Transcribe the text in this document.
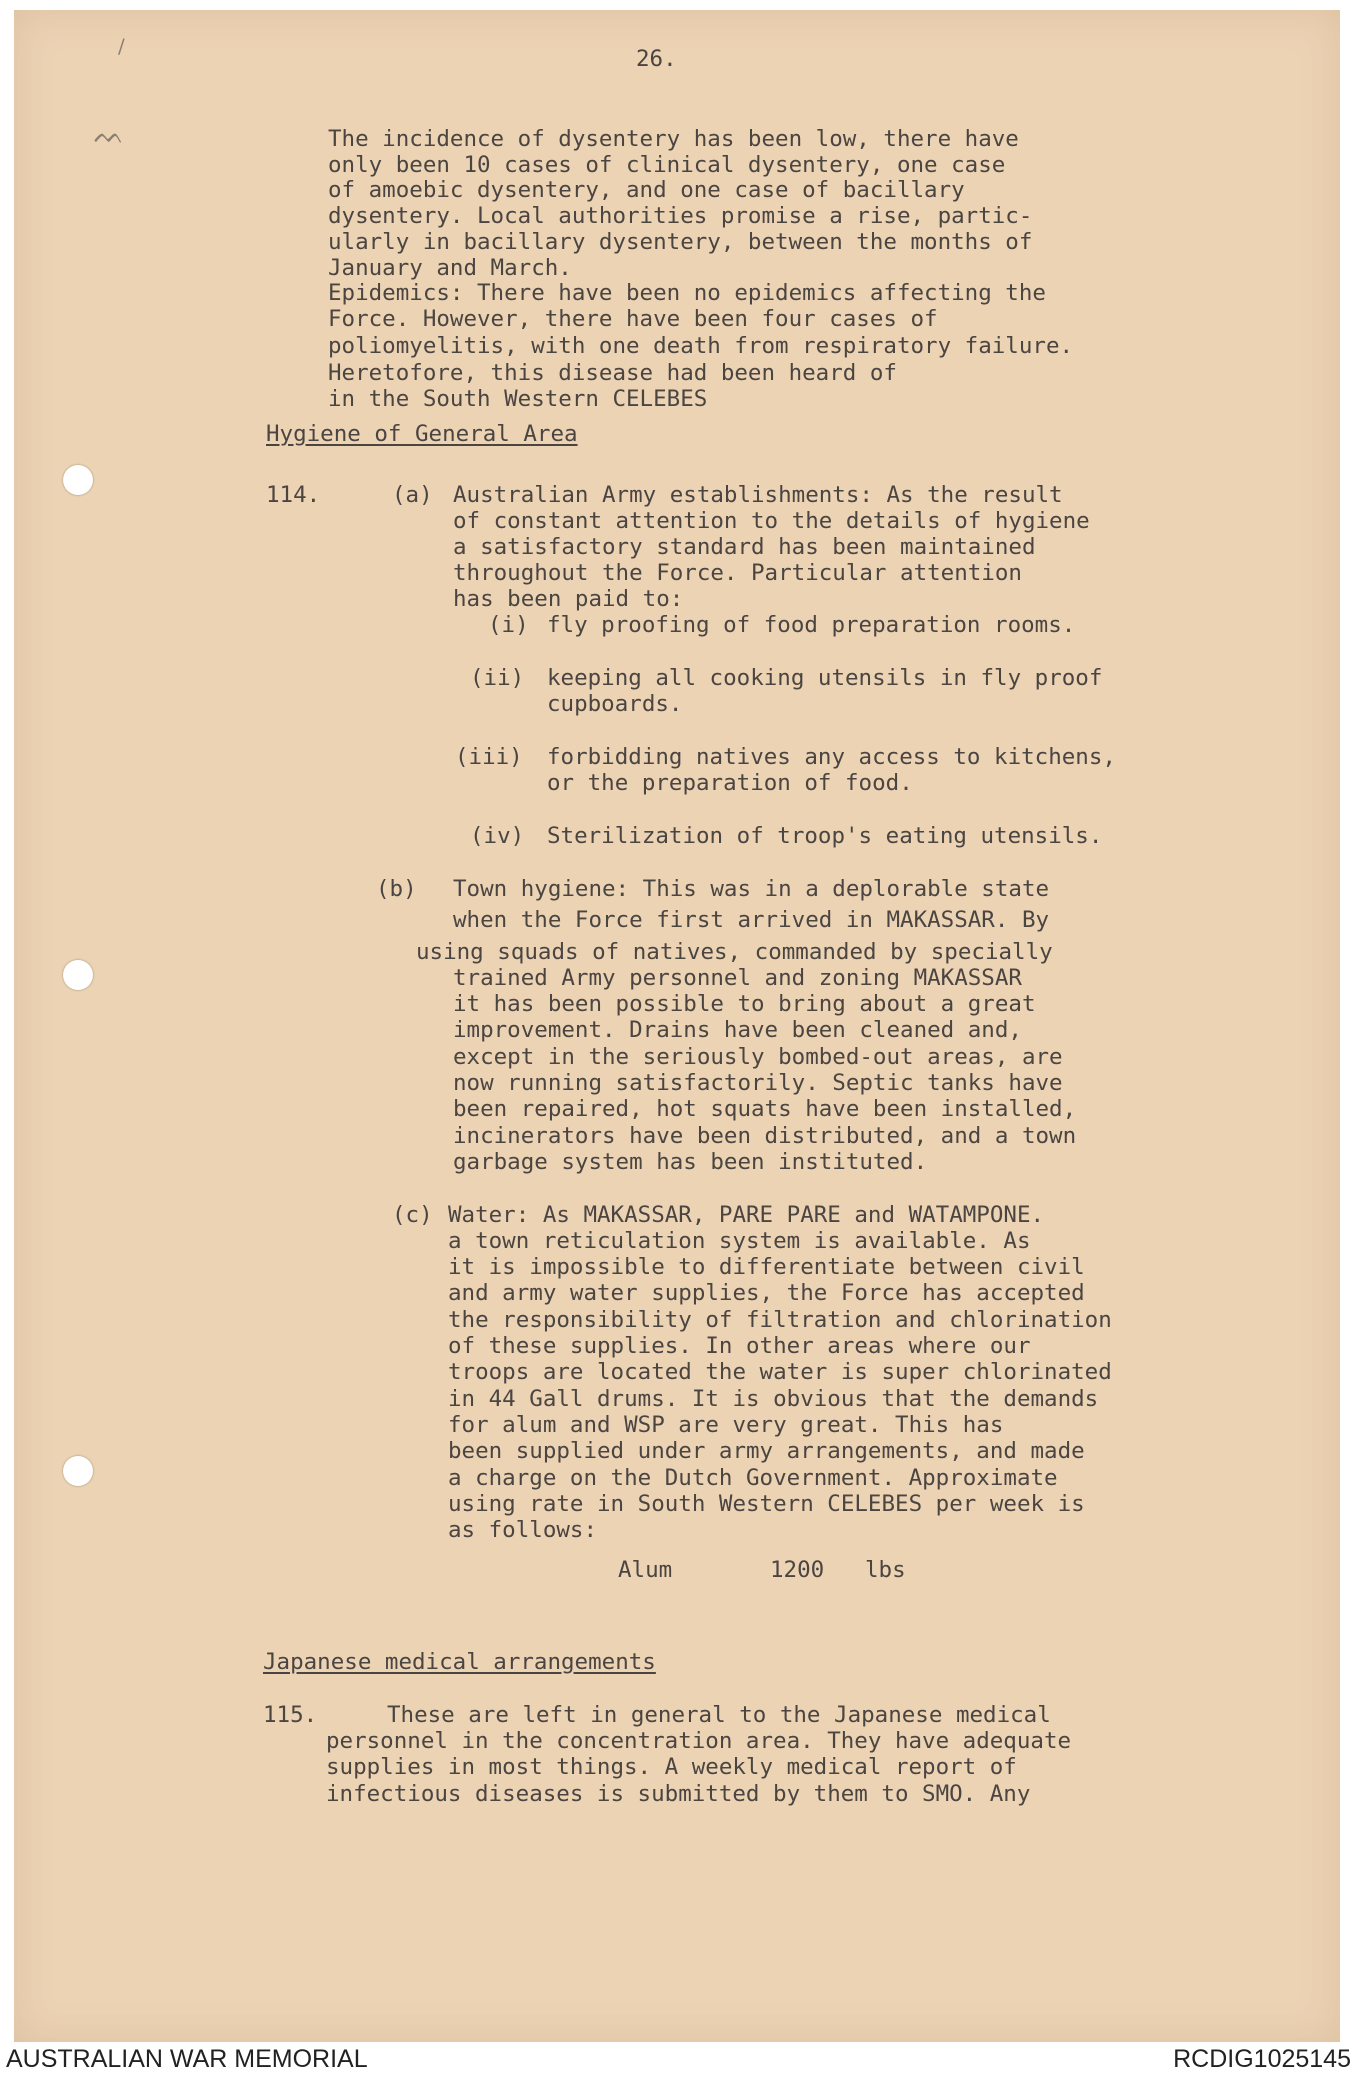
/
ᨓ
26.
The incidence of dysentery has been low, there have
only been 10 cases of clinical dysentery, one case
of amoebic dysentery, and one case of bacillary
dysentery. Local authorities promise a rise, partic-
ularly in bacillary dysentery, between the months of
January and March.
Epidemics: There have been no epidemics affecting the
Force. However, there have been four cases of
poliomyelitis, with one death from respiratory failure.
Heretofore, this disease had been heard of
in the South Western CELEBES
Hygiene of General Area
114.	(a) Australian Army establishments: As the result
of constant attention to the details of hygiene
a satisfactory standard has been maintained
throughout the Force. Particular attention
has been paid to:
(i) fly proofing of food preparation rooms.
(ii) keeping all cooking utensils in fly proof
cupboards.
(iii) forbidding natives any access to kitchens,
or the preparation of food.
(iv) Sterilization of troop's eating utensils.
(b) Town hygiene: This was in a deplorable state
when the Force first arrived in MAKASSAR. By
using squads of natives, commanded by specially
trained Army personnel and zoning MAKASSAR
it has been possible to bring about a great
improvement. Drains have been cleaned and,
except in the seriously bombed-out areas, are
now running satisfactorily. Septic tanks have
been repaired, hot squats have been installed,
incinerators have been distributed, and a town
garbage system has been instituted.
(c) Water: As MAKASSAR, PARE PARE and WATAMPONE.
a town reticulation system is available. As
it is impossible to differentiate between civil
and army water supplies, the Force has accepted
the responsibility of filtration and chlorination
of these supplies. In other areas where our
troops are located the water is super chlorinated
in 44 Gall drums. It is obvious that the demands
for alum and WSP are very great. This has
been supplied under army arrangements, and made
a charge on the Dutch Government. Approximate
using rate in South Western CELEBES per week is
as follows:
Alum	1200 lbs
Japanese medical arrangements
115.	These are left in general to the Japanese medical
personnel in the concentration area. They have adequate
supplies in most things. A weekly medical report of
infectious diseases is submitted by them to SMO. Any
AUSTRALIAN WAR MEMORIAL	RCDIG1025145
